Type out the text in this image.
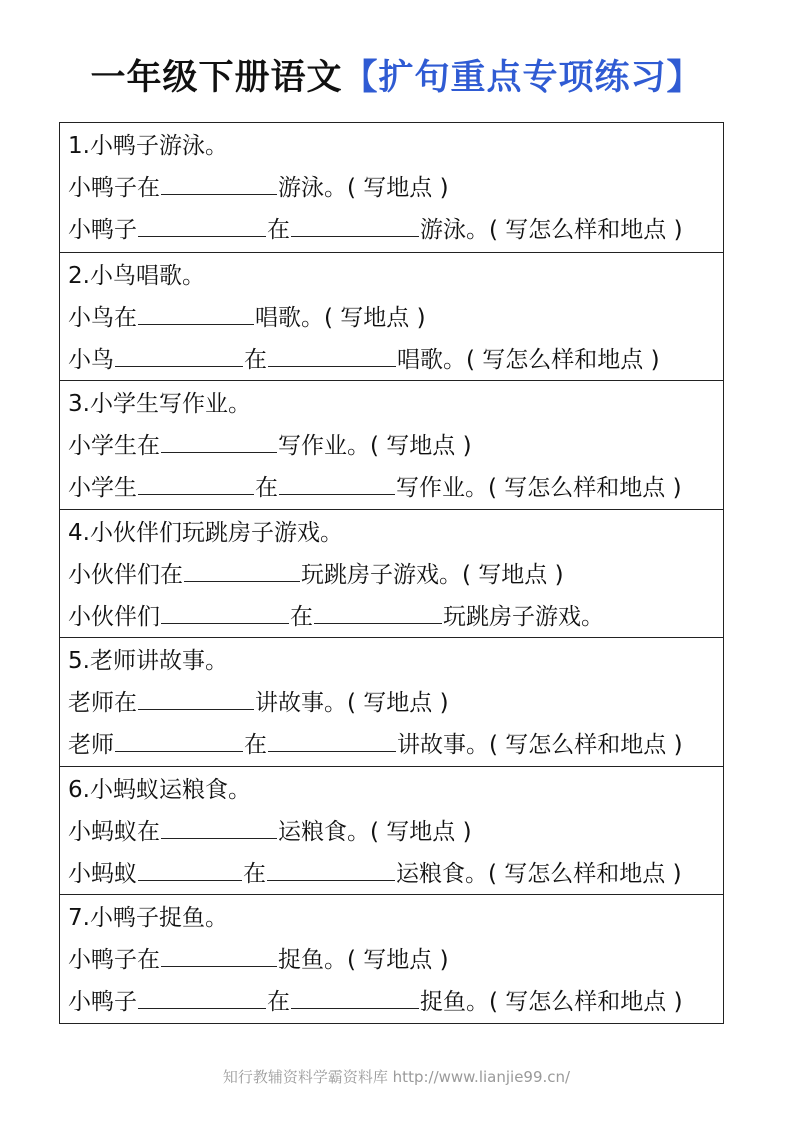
一年级下册语文【扩句重点专项练习】
1.小鸭子游泳。
小鸭子在	游泳。( 写地点 )
小鸭子	在	游泳。( 写怎么样和地点 )
2.小鸟唱歌。
小鸟在	唱歌。( 写地点 )
小鸟	在	唱歌。( 写怎么样和地点 )
3.小学生写作业。
小学生在	写作业。( 写地点 )
小学生	在	写作业。( 写怎么样和地点 )
4.小伙伴们玩跳房子游戏。
小伙伴们在	玩跳房子游戏。( 写地点 )
小伙伴们	在	玩跳房子游戏。
5.老师讲故事。
老师在	讲故事。( 写地点 )
老师	在	讲故事。( 写怎么样和地点 )
6.小蚂蚁运粮食。
小蚂蚁在	运粮食。( 写地点 )
小蚂蚁	在	运粮食。( 写怎么样和地点 )
7.小鸭子捉鱼。
小鸭子在	捉鱼。( 写地点 )
小鸭子	在	捉鱼。( 写怎么样和地点 )
知行教辅资料学霸资料库 http://www.lianjie99.cn/
